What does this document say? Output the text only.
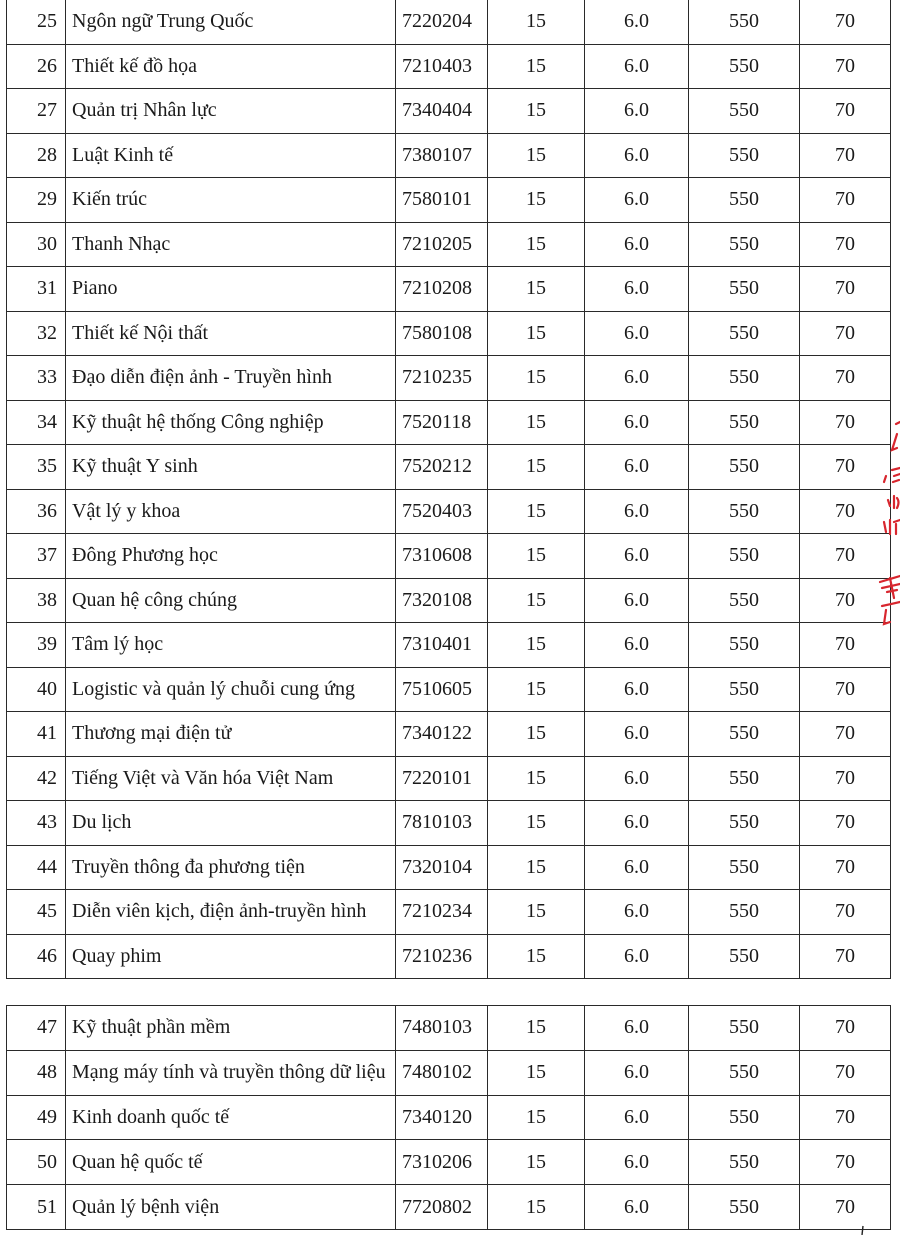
25	Ngôn ngữ Trung Quốc	7220204	15	6.0	550	70
26	Thiết kế đồ họa	7210403	15	6.0	550	70
27	Quản trị Nhân lực	7340404	15	6.0	550	70
28	Luật Kinh tế	7380107	15	6.0	550	70
29	Kiến trúc	7580101	15	6.0	550	70
30	Thanh Nhạc	7210205	15	6.0	550	70
31	Piano	7210208	15	6.0	550	70
32	Thiết kế Nội thất	7580108	15	6.0	550	70
33	Đạo diễn điện ảnh - Truyền hình	7210235	15	6.0	550	70
34	Kỹ thuật hệ thống Công nghiệp	7520118	15	6.0	550	70
35	Kỹ thuật Y sinh	7520212	15	6.0	550	70
36	Vật lý y khoa	7520403	15	6.0	550	70
37	Đông Phương học	7310608	15	6.0	550	70
38	Quan hệ công chúng	7320108	15	6.0	550	70
39	Tâm lý học	7310401	15	6.0	550	70
40	Logistic và quản lý chuỗi cung ứng	7510605	15	6.0	550	70
41	Thương mại điện tử	7340122	15	6.0	550	70
42	Tiếng Việt và Văn hóa Việt Nam	7220101	15	6.0	550	70
43	Du lịch	7810103	15	6.0	550	70
44	Truyền thông đa phương tiện	7320104	15	6.0	550	70
45	Diễn viên kịch, điện ảnh-truyền hình	7210234	15	6.0	550	70
46	Quay phim	7210236	15	6.0	550	70
47	Kỹ thuật phần mềm	7480103	15	6.0	550	70
48	Mạng máy tính và truyền thông dữ liệu	7480102	15	6.0	550	70
49	Kinh doanh quốc tế	7340120	15	6.0	550	70
50	Quan hệ quốc tế	7310206	15	6.0	550	70
51	Quản lý bệnh viện	7720802	15	6.0	550	70
